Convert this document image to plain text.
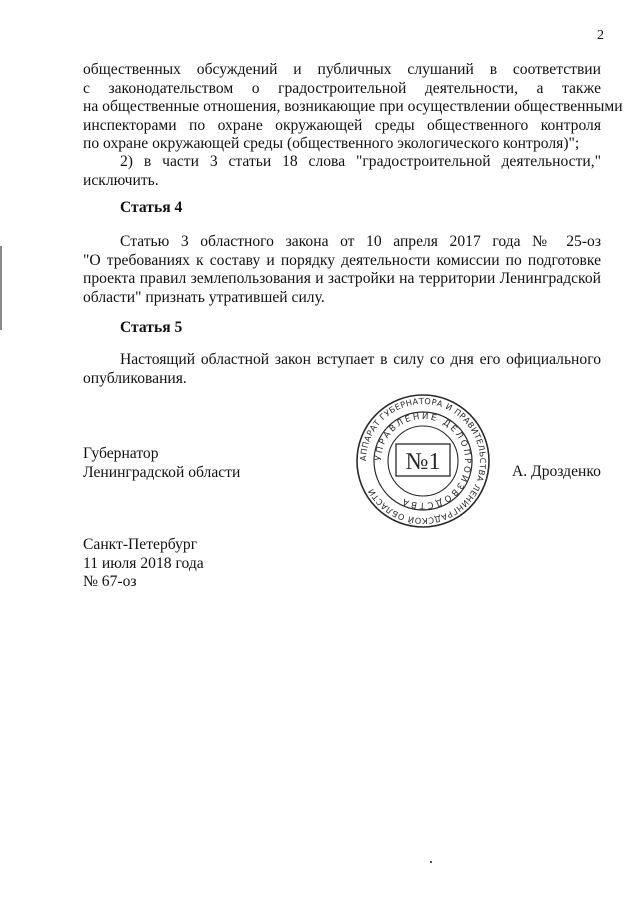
2
общественных обсуждений и публичных слушаний в соответствии
с законодательством о градостроительной деятельности, а также
на общественные отношения, возникающие при осуществлении общественными
инспекторами по охране окружающей среды общественного контроля
по охране окружающей среды (общественного экологического контроля)";
2) в части 3 статьи 18 слова "градостроительной деятельности,"
исключить.
Статья 4
Статью 3 областного закона от 10 апреля 2017 года № 25-оз
"О требованиях к составу и порядку деятельности комиссии по подготовке
проекта правил землепользования и застройки на территории Ленинградской
области" признать утратившей силу.
Статья 5
Настоящий областной закон вступает в силу со дня его официального
опубликования.
Губернатор
Ленинградской области	А. Дрозденко
АППАРАТ ГУБЕРНАТОРА И ПРАВИТЕЛЬСТВА ЛЕНИНГРАДСКОЙ ОБЛАСТИ
УПРАВЛЕНИЕ ДЕЛОПРОИЗВОДСТВА
№1
Санкт-Петербург
11 июля 2018 года
№ 67-оз
